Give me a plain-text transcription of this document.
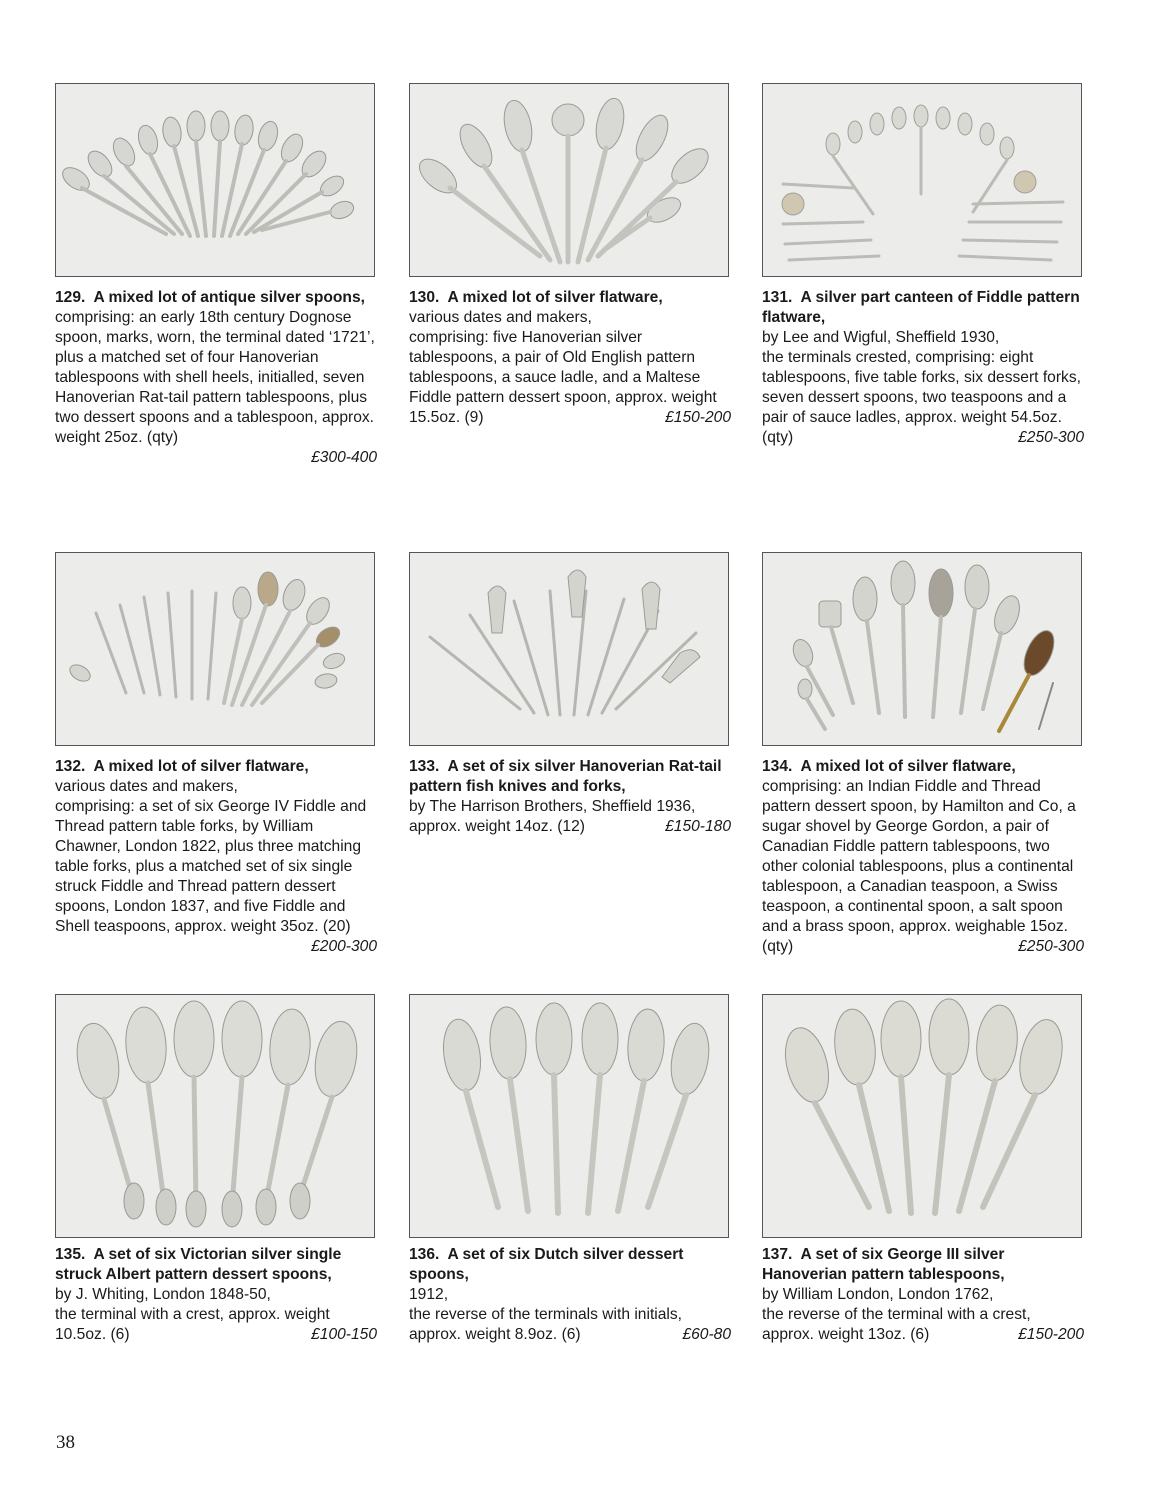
129. A mixed lot of antique silver spoons,
comprising: an early 18th century Dognose spoon, marks, worn, the terminal dated ‘1721’, plus a matched set of four Hanoverian tablespoons with shell heels, initialled, seven Hanoverian Rat-tail pattern tablespoons, plus two dessert spoons and a tablespoon, approx. weight 25oz. (qty)
£300-400
130. A mixed lot of silver flatware,
various dates and makers,
comprising: five Hanoverian silver tablespoons, a pair of Old English pattern tablespoons, a sauce ladle, and a Maltese Fiddle pattern dessert spoon, approx. weight 15.5oz. (9)	£150-200
131. A silver part canteen of Fiddle pattern flatware,
by Lee and Wigful, Sheffield 1930,
the terminals crested, comprising: eight tablespoons, five table forks, six dessert forks, seven dessert spoons, two teaspoons and a pair of sauce ladles, approx. weight 54.5oz. (qty)	£250-300
132. A mixed lot of silver flatware,
various dates and makers,
comprising: a set of six George IV Fiddle and Thread pattern table forks, by William Chawner, London 1822, plus three matching table forks, plus a matched set of six single struck Fiddle and Thread pattern dessert spoons, London 1837, and five Fiddle and Shell teaspoons, approx. weight 35oz. (20)
£200-300
133. A set of six silver Hanoverian Rat-tail pattern fish knives and forks,
by The Harrison Brothers, Sheffield 1936, approx. weight 14oz. (12)	£150-180
134. A mixed lot of silver flatware,
comprising: an Indian Fiddle and Thread pattern dessert spoon, by Hamilton and Co, a sugar shovel by George Gordon, a pair of Canadian Fiddle pattern tablespoons, two other colonial tablespoons, plus a continental tablespoon, a Canadian teaspoon, a Swiss teaspoon, a continental spoon, a salt spoon and a brass spoon, approx. weighable 15oz. (qty)	£250-300
135. A set of six Victorian silver single struck Albert pattern dessert spoons,
by J. Whiting, London 1848-50,
the terminal with a crest, approx. weight 10.5oz. (6)	£100-150
136. A set of six Dutch silver dessert spoons,
1912,
the reverse of the terminals with initials, approx. weight 8.9oz. (6)	£60-80
137. A set of six George III silver Hanoverian pattern tablespoons,
by William London, London 1762,
the reverse of the terminal with a crest, approx. weight 13oz. (6)	£150-200
38
